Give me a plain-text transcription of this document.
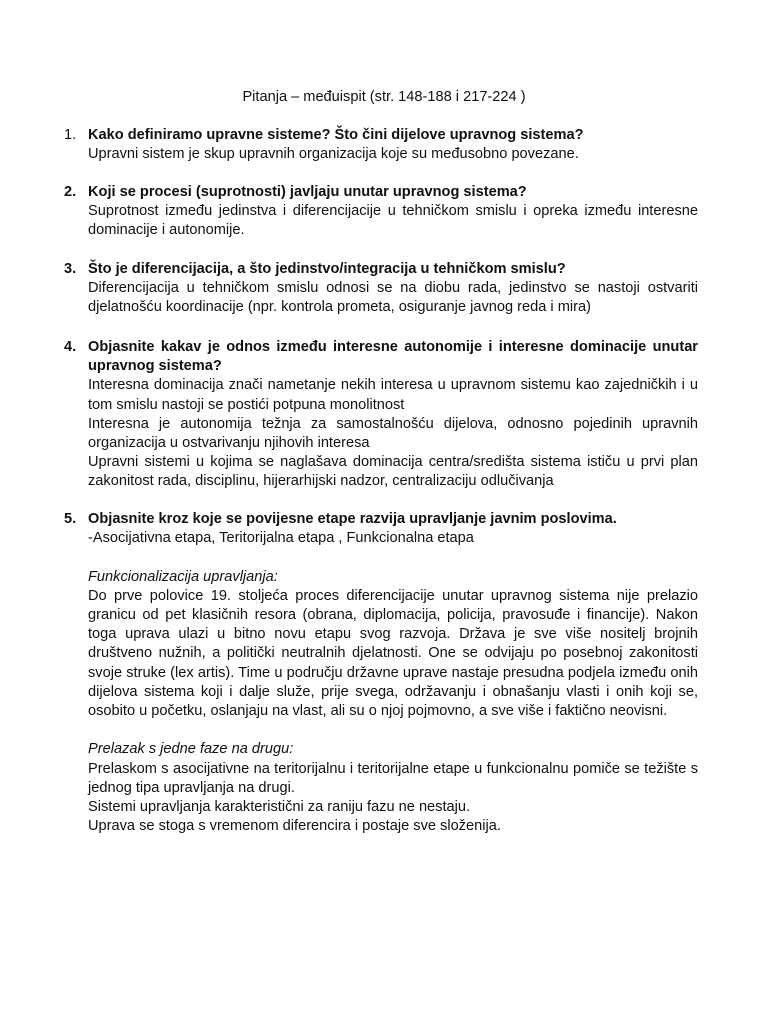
Pitanja – međuispit (str. 148-188 i 217-224 )
1. Kako definiramo upravne sisteme? Što čini dijelove upravnog sistema?
Upravni sistem je skup upravnih organizacija koje su međusobno povezane.
2. Koji se procesi (suprotnosti) javljaju unutar upravnog sistema?
Suprotnost između jedinstva i diferencijacije u tehničkom smislu i opreka između interesne dominacije i autonomije.
3. Što je diferencijacija, a što jedinstvo/integracija u tehničkom smislu?
Diferencijacija u tehničkom smislu odnosi se na diobu rada, jedinstvo se nastoji ostvariti djelatnošću koordinacije (npr. kontrola prometa, osiguranje javnog reda i mira)
4. Objasnite kakav je odnos između interesne autonomije i interesne dominacije unutar upravnog sistema?
Interesna dominacija znači nametanje nekih interesa u upravnom sistemu kao zajedničkih i u tom smislu nastoji se postići potpuna monolitnost
Interesna je autonomija težnja za samostalnošću dijelova, odnosno pojedinih upravnih organizacija u ostvarivanju njihovih interesa
Upravni sistemi u kojima se naglašava dominacija centra/središta sistema ističu u prvi plan zakonitost rada, disciplinu, hijerarhijski nadzor, centralizaciju odlučivanja
5. Objasnite kroz koje se povijesne etape razvija upravljanje javnim poslovima.
-Asocijativna etapa, Teritorijalna etapa , Funkcionalna etapa
Funkcionalizacija upravljanja:
Do prve polovice 19. stoljeća proces diferencijacije unutar upravnog sistema nije prelazio granicu od pet klasičnih resora (obrana, diplomacija, policija, pravosuđe i financije). Nakon toga uprava ulazi u bitno novu etapu svog razvoja. Država je sve više nositelj brojnih društveno nužnih, a politički neutralnih djelatnosti. One se odvijaju po posebnoj zakonitosti svoje struke (lex artis). Time u području državne uprave nastaje presudna podjela između onih dijelova sistema koji i dalje služe, prije svega, održavanju i obnašanju vlasti i onih koji se, osobito u početku, oslanjaju na vlast, ali su o njoj pojmovno, a sve više i faktično neovisni.
Prelazak s jedne faze na drugu:
Prelaskom s asocijativne na teritorijalnu i teritorijalne etape u funkcionalnu pomiče se težište s jednog tipa upravljanja na drugi.
Sistemi upravljanja karakteristični za raniju fazu ne nestaju.
Uprava se stoga s vremenom diferencira i postaje sve složenija.
